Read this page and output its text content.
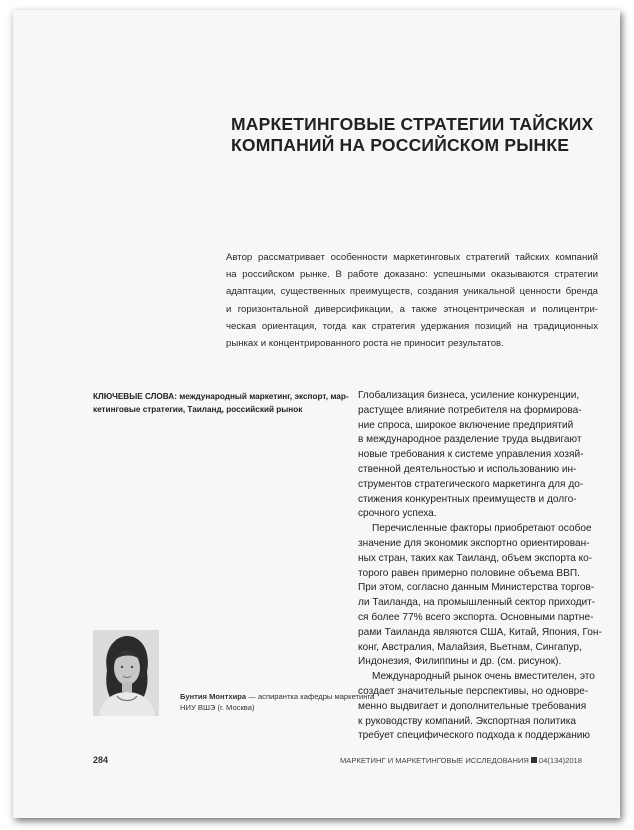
МАРКЕТИНГОВЫЕ СТРАТЕГИИ ТАЙСКИХ
КОМПАНИЙ НА РОССИЙСКОМ РЫНКЕ
Автор рассматривает особенности маркетинговых стратегий тайских компаний
на российском рынке. В работе доказано: успешными оказываются стратегии
адаптации, существенных преимуществ, создания уникальной ценности бренда
и горизонтальной диверсификации, а также этноцентрическая и полицентри-
ческая ориентация, тогда как стратегия удержания позиций на традиционных
рынках и концентрированного роста не приносит результатов.
КЛЮЧЕВЫЕ СЛОВА: международный маркетинг, экспорт, мар-
кетинговые стратегии, Таиланд, российский рынок
Глобализация бизнеса, усиление конкуренции,
растущее влияние потребителя на формирова-
ние спроса, широкое включение предприятий
в международное разделение труда выдвигают
новые требования к системе управления хозяй-
ственной деятельностью и использованию ин-
струментов стратегического маркетинга для до-
стижения конкурентных преимуществ и долго-
срочного успеха.
Перечисленные факторы приобретают особое
значение для экономик экспортно ориентирован-
ных стран, таких как Таиланд, объем экспорта ко-
торого равен примерно половине объема ВВП.
При этом, согласно данным Министерства торгов-
ли Таиланда, на промышленный сектор приходит-
ся более 77% всего экспорта. Основными партне-
рами Таиланда являются США, Китай, Япония, Гон-
конг, Австралия, Малайзия, Вьетнам, Сингапур,
Индонезия, Филиппины и др. (см. рисунок).
Международный рынок очень вместителен, это
создает значительные перспективы, но одновре-
менно выдвигает и дополнительные требования
к руководству компаний. Экспортная политика
требует специфического подхода к поддержанию
Бунтия Монтхира — аспирантка кафедры маркетинга
НИУ ВШЭ (г. Москва)
284	МАРКЕТИНГ И МАРКЕТИНГОВЫЕ ИССЛЕДОВАНИЯ 04(134)2018
